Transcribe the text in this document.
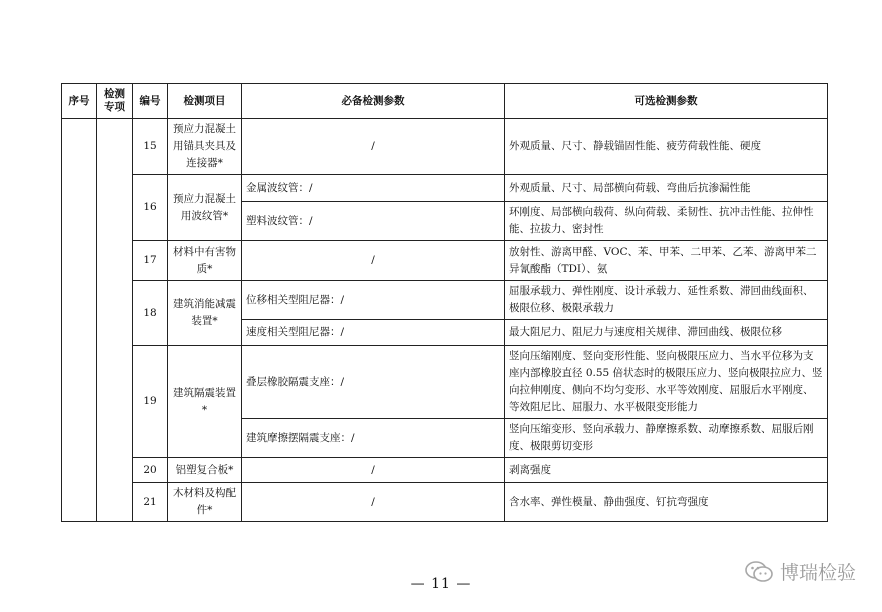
序号	检测专项	编号	检测项目	必备检测参数	可选检测参数
		15	预应力混凝土用锚具夹具及连接器*	/	外观质量、尺寸、静载锚固性能、疲劳荷载性能、硬度
		16	预应力混凝土用波纹管*	金属波纹管：/	外观质量、尺寸、局部横向荷载、弯曲后抗渗漏性能
				塑料波纹管：/	环刚度、局部横向载荷、纵向荷载、柔韧性、抗冲击性能、拉伸性能、拉拔力、密封性
		17	材料中有害物质*	/	放射性、游离甲醛、VOC、苯、甲苯、二甲苯、乙苯、游离甲苯二异氰酸酯（TDI）、氨
		18	建筑消能减震装置*	位移相关型阻尼器：/	屈服承载力、弹性刚度、设计承载力、延性系数、滞回曲线面积、极限位移、极限承载力
				速度相关型阻尼器：/	最大阻尼力、阻尼力与速度相关规律、滞回曲线、极限位移
		19	建筑隔震装置*	叠层橡胶隔震支座：/	竖向压缩刚度、竖向变形性能、竖向极限压应力、当水平位移为支座内部橡胶直径 0.55 倍状态时的极限压应力、竖向极限拉应力、竖向拉伸刚度、侧向不均匀变形、水平等效刚度、屈服后水平刚度、等效阻尼比、屈服力、水平极限变形能力
				建筑摩擦摆隔震支座：/	竖向压缩变形、竖向承载力、静摩擦系数、动摩擦系数、屈服后刚度、极限剪切变形
		20	铝塑复合板*	/	剥离强度
		21	木材料及构配件*	/	含水率、弹性模量、静曲强度、钉抗弯强度
— 11 —	博瑞检验
